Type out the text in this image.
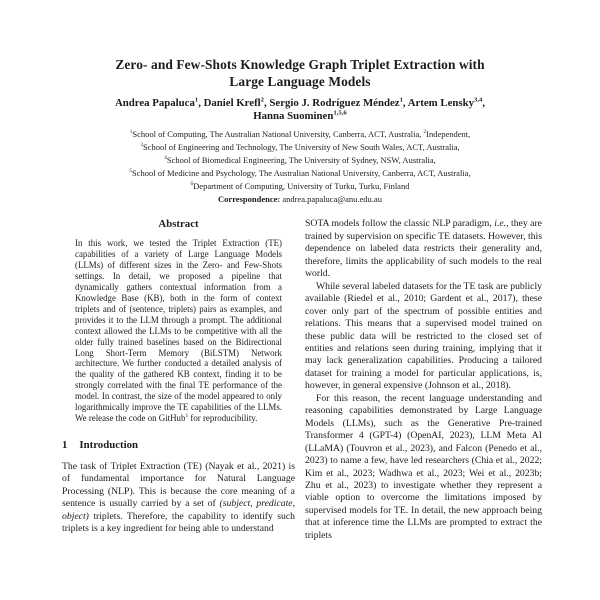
Zero- and Few-Shots Knowledge Graph Triplet Extraction with
Large Language Models
Andrea Papaluca$^1$, Daniel Krefl$^2$, Sergio J. Rodríguez Méndez$^1$, Artem Lensky$^{3,4}$,
Hanna Suominen$^{1,5,6}$
$^1$School of Computing, The Australian National University, Canberra, ACT, Australia, $^2$Independent,
$^3$School of Engineering and Technology, The University of New South Wales, ACT, Australia,
$^4$School of Biomedical Engineering, The University of Sydney, NSW, Australia,
$^5$School of Medicine and Psychology, The Australian National University, Canberra, ACT, Australia,
$^6$Department of Computing, University of Turku, Turku, Finland
Correspondence: andrea.papaluca@anu.edu.au
Abstract
In this work, we tested the Triplet Extraction (TE) capabilities of a variety of Large Language Models (LLMs) of different sizes in the Zero- and Few-Shots settings. In detail, we proposed a pipeline that dynamically gathers contextual information from a Knowledge Base (KB), both in the form of context triplets and of (sentence, triplets) pairs as examples, and provides it to the LLM through a prompt. The additional context allowed the LLMs to be competitive with all the older fully trained baselines based on the Bidirectional Long Short-Term Memory (BiLSTM) Network architecture. We further conducted a detailed analysis of the quality of the gathered KB context, finding it to be strongly correlated with the final TE performance of the model. In contrast, the size of the model appeared to only logarithmically improve the TE capabilities of the LLMs. We release the code on GitHub$^1$ for reproducibility.
1 Introduction
The task of Triplet Extraction (TE) (Nayak et al., 2021) is of fundamental importance for Natural Language Processing (NLP). This is because the core meaning of a sentence is usually carried by a set of (subject, predicate, object) triplets. Therefore, the capability to identify such triplets is a key ingredient for being able to understand
SOTA models follow the classic NLP paradigm, i.e., they are trained by supervision on specific TE datasets. However, this dependence on labeled data restricts their generality and, therefore, limits the applicability of such models to the real world.
While several labeled datasets for the TE task are publicly available (Riedel et al., 2010; Gardent et al., 2017), these cover only part of the spectrum of possible entities and relations. This means that a supervised model trained on these public data will be restricted to the closed set of entities and relations seen during training, implying that it may lack generalization capabilities. Producing a tailored dataset for training a model for particular applications, is, however, in general expensive (Johnson et al., 2018).
For this reason, the recent language understanding and reasoning capabilities demonstrated by Large Language Models (LLMs), such as the Generative Pre-trained Transformer 4 (GPT-4) (OpenAI, 2023), LLM Meta AI (LLaMA) (Touvron et al., 2023), and Falcon (Penedo et al., 2023) to name a few, have led researchers (Chia et al., 2022; Kim et al., 2023; Wadhwa et al., 2023; Wei et al., 2023b; Zhu et al., 2023) to investigate whether they represent a viable option to overcome the limitations imposed by supervised models for TE. In detail, the new approach being that at inference time the LLMs are prompted to extract the triplets
